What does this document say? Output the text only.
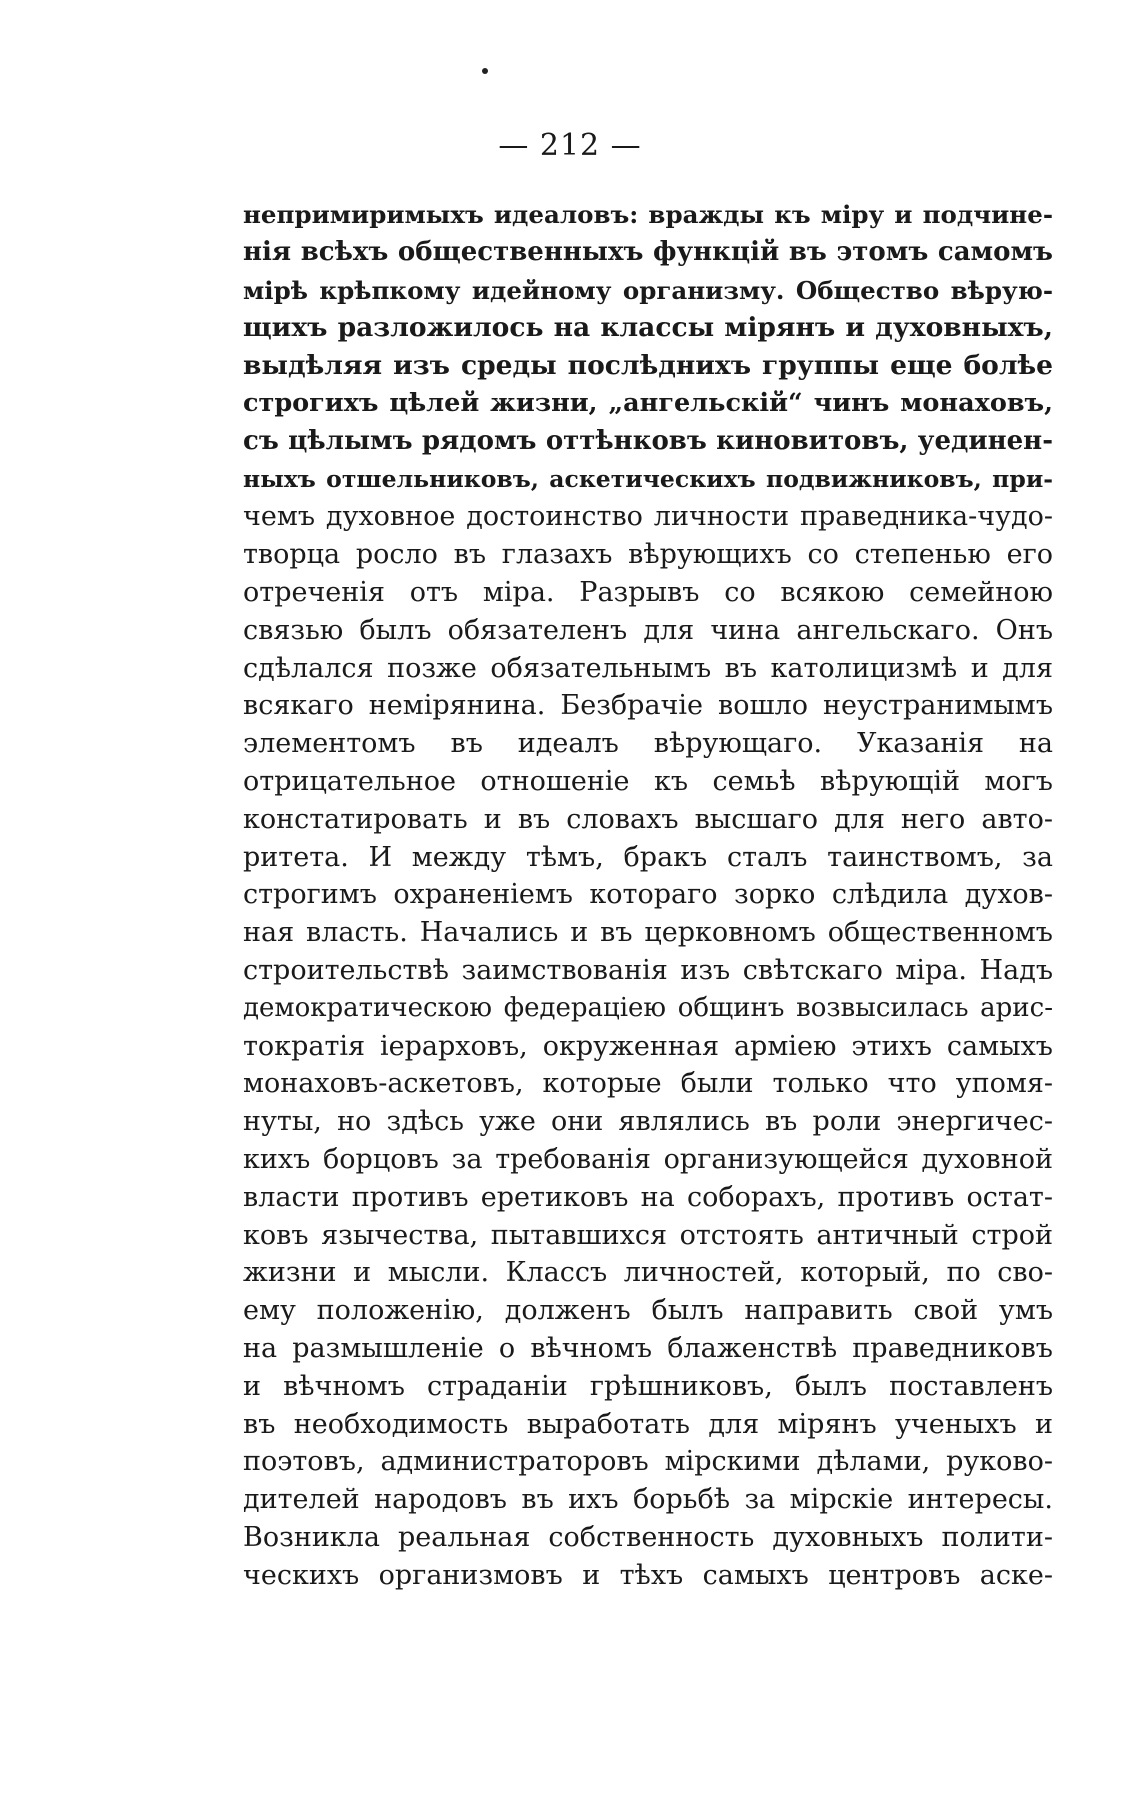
— 212 —
непримиримыхъ идеаловъ: вражды къ міру и подчине-
нія всѣхъ общественныхъ функцій въ этомъ самомъ
мірѣ крѣпкому идейному организму. Общество вѣрую-
щихъ разложилось на классы мірянъ и духовныхъ,
выдѣляя изъ среды послѣднихъ группы еще болѣе
строгихъ цѣлей жизни, „ангельскій“ чинъ монаховъ,
съ цѣлымъ рядомъ оттѣнковъ киновитовъ, уединен-
ныхъ отшельниковъ, аскетическихъ подвижниковъ, при-
чемъ духовное достоинство личности праведника-чудо-
творца росло въ глазахъ вѣрующихъ со степенью его
отреченія отъ міра. Разрывъ со всякою семейною
связью былъ обязателенъ для чина ангельскаго. Онъ
сдѣлался позже обязательнымъ въ католицизмѣ и для
всякаго немірянина. Безбрачіе вошло неустранимымъ
элементомъ въ идеалъ вѣрующаго. Указанія на
отрицательное отношеніе къ семьѣ вѣрующій могъ
констатировать и въ словахъ высшаго для него авто-
ритета. И между тѣмъ, бракъ сталъ таинствомъ, за
строгимъ охраненіемъ котораго зорко слѣдила духов-
ная власть. Начались и въ церковномъ общественномъ
строительствѣ заимствованія изъ свѣтскаго міра. Надъ
демократическою федераціею общинъ возвысилась арис-
тократія іерарховъ, окруженная арміею этихъ самыхъ
монаховъ-аскетовъ, которые были только что упомя-
нуты, но здѣсь уже они являлись въ роли энергичес-
кихъ борцовъ за требованія организующейся духовной
власти противъ еретиковъ на соборахъ, противъ остат-
ковъ язычества, пытавшихся отстоять античный строй
жизни и мысли. Классъ личностей, который, по сво-
ему положенію, долженъ былъ направить свой умъ
на размышленіе о вѣчномъ блаженствѣ праведниковъ
и вѣчномъ страданіи грѣшниковъ, былъ поставленъ
въ необходимость выработать для мірянъ ученыхъ и
поэтовъ, администраторовъ мірскими дѣлами, руково-
дителей народовъ въ ихъ борьбѣ за мірскіе интересы.
Возникла реальная собственность духовныхъ полити-
ческихъ организмовъ и тѣхъ самыхъ центровъ аске-
